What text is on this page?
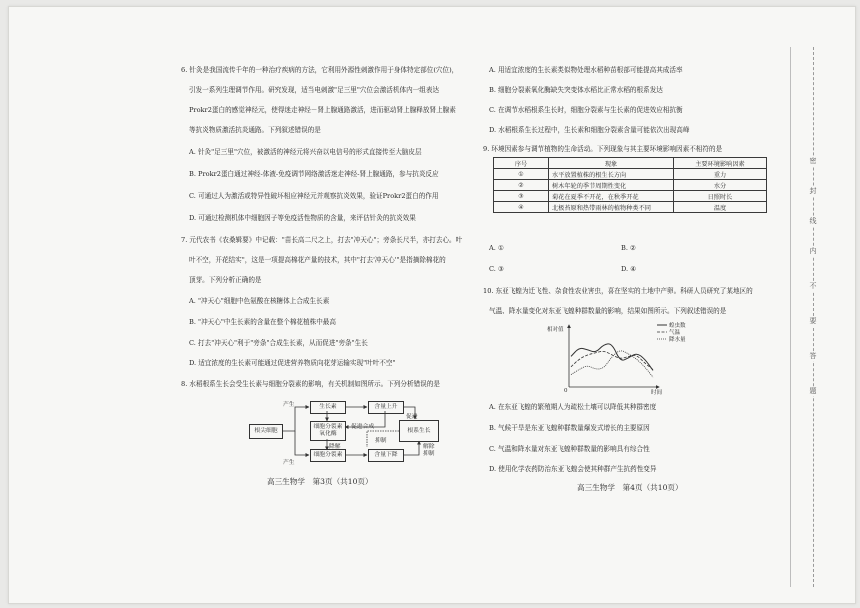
6. 针灸是我国流传千年的一种治疗疾病的方法，它利用外源性刺激作用于身体特定部位(穴位)，
引发一系列生理调节作用。研究发现，适当电刺激"足三里"穴位会激活机体内一组表达
Prokr2蛋白的感觉神经元，使得迷走神经－肾上腺通路激活，进而驱动肾上腺释放肾上腺素
等抗炎物质激活抗炎通路。下列叙述错误的是
A. 针灸"足三里"穴位，被激活的神经元将兴奋以电信号的形式直接传至大脑皮层
B. Prokr2蛋白通过神经-体液-免疫调节网络激活迷走神经-肾上腺通路，参与抗炎反应
C. 可通过人为激活或特异性破坏相应神经元并观察抗炎效果，验证Prokr2蛋白的作用
D. 可通过检测机体中细胞因子等免疫活性物质的含量，来评估针灸的抗炎效果
7. 元代农书《农桑辑要》中记载："苗长高二尺之上，打去"冲天心"；旁条长尺半，亦打去心。叶
叶不空，开花结实"，这是一项提高棉花产量的技术，其中"打去'冲天心'"是指摘除棉花的
顶芽。下列分析正确的是
A. "冲天心"细胞中色氨酸在核糖体上合成生长素
B. "冲天心"中生长素的含量在整个棉花植株中最高
C. 打去"冲天心"利于"旁条"合成生长素，从而促进"旁条"生长
D. 适宜浓度的生长素可能通过促进营养物质向花芽运输实现"叶叶不空"
8. 水稻根系生长会受生长素与细胞分裂素的影响，有关机制如图所示。下列分析错误的是
根尖细胞
产生
产生
生长素
细胞分裂素
氧化酶
细胞分裂素
降解
含量上升
促进合成
含量下降
根系生长
促进
抑制
解除
抑制
高三生物学　第3页（共10页）
A. 用适宜浓度的生长素类似物处理水稻种苗根部可能提高其成活率
B. 细胞分裂素氧化酶缺失突变体水稻比正常水稻的根系发达
C. 在调节水稻根系生长时，细胞分裂素与生长素的促进效应相抗衡
D. 水稻根系生长过程中，生长素和细胞分裂素含量可能依次出现高峰
9. 环境因素参与调节植物的生命活动。下列现象与其主要环境影响因素不相符的是
序号	现象	主要环境影响因素
①	水平放置植株的根生长方向	重力
②	树木年轮的季节周期性变化	水分
③	菊花在夏季不开花，在秋季开花	日照时长
④	北极苔原和热带雨林的植物种类不同	温度
A. ①	B. ②
C. ③	D. ④
10. 东亚飞蝗为迁飞性、杂食性农业害虫，喜在坚实的土地中产卵。科研人员研究了某地区的
气温、降水量变化对东亚飞蝗种群数量的影响，结果如图所示。下列叙述错误的是
蝗虫数
气温
降水量
相对值
时间
0
A. 在东亚飞蝗的繁殖期人为疏松土壤可以降低其种群密度
B. 气候干旱是东亚飞蝗种群数量爆发式增长的主要原因
C. 气温和降水量对东亚飞蝗种群数量的影响具有综合性
D. 使用化学农药防治东亚飞蝗会使其种群产生抗药性变异
高三生物学　第4页（共10页）
密
封
线
内
不
要
答
题
